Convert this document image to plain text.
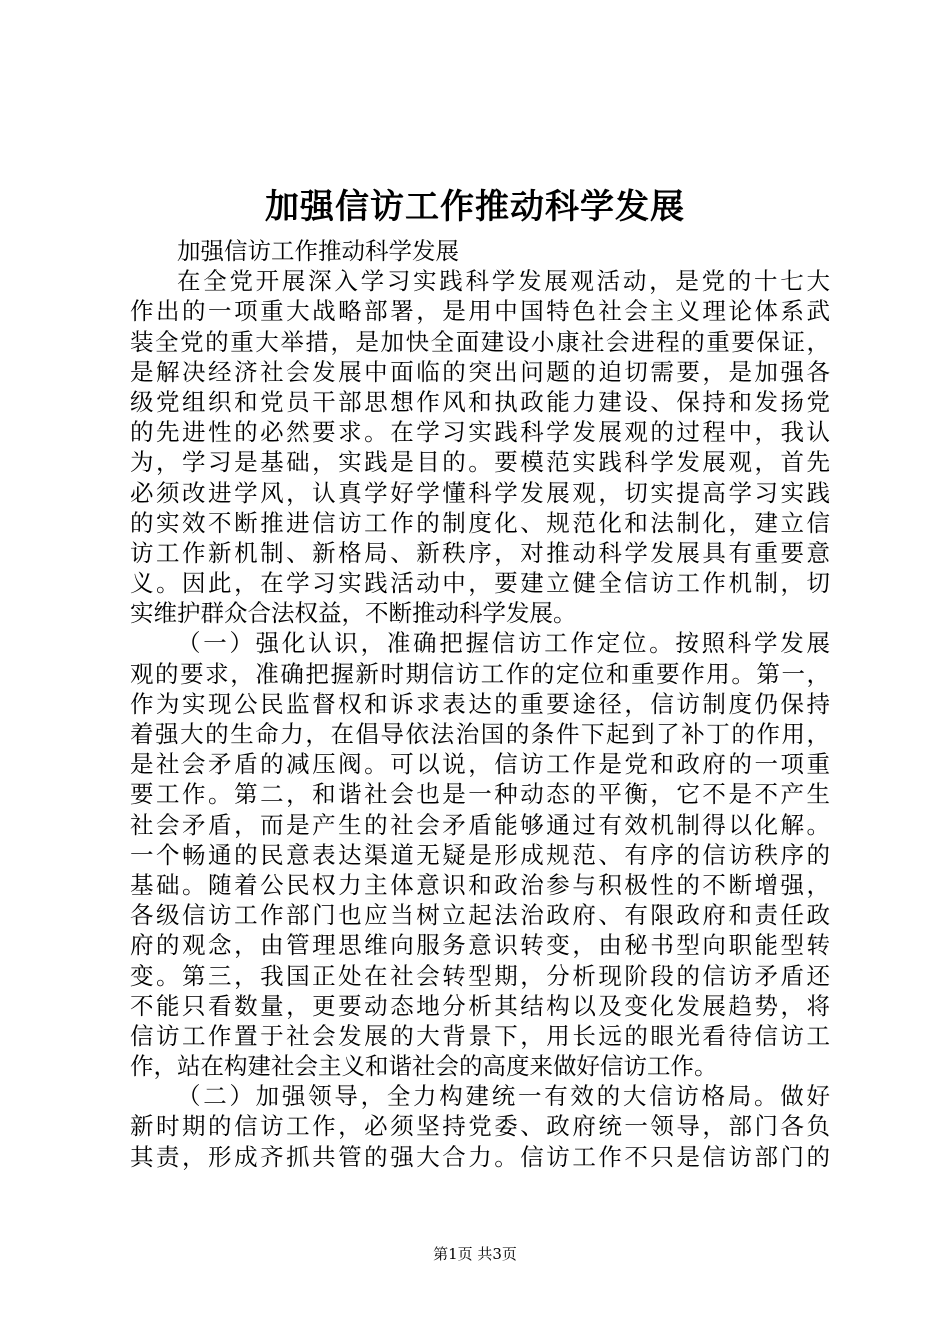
加强信访工作推动科学发展
加强信访工作推动科学发展
在全党开展深入学习实践科学发展观活动，是党的十七大
作出的一项重大战略部署，是用中国特色社会主义理论体系武
装全党的重大举措，是加快全面建设小康社会进程的重要保证，
是解决经济社会发展中面临的突出问题的迫切需要，是加强各
级党组织和党员干部思想作风和执政能力建设、保持和发扬党
的先进性的必然要求。在学习实践科学发展观的过程中，我认
为，学习是基础，实践是目的。要模范实践科学发展观，首先
必须改进学风，认真学好学懂科学发展观，切实提高学习实践
的实效不断推进信访工作的制度化、规范化和法制化，建立信
访工作新机制、新格局、新秩序，对推动科学发展具有重要意
义。因此，在学习实践活动中，要建立健全信访工作机制，切
实维护群众合法权益，不断推动科学发展。
（一）强化认识，准确把握信访工作定位。按照科学发展
观的要求，准确把握新时期信访工作的定位和重要作用。第一，
作为实现公民监督权和诉求表达的重要途径，信访制度仍保持
着强大的生命力，在倡导依法治国的条件下起到了补丁的作用，
是社会矛盾的减压阀。可以说，信访工作是党和政府的一项重
要工作。第二，和谐社会也是一种动态的平衡，它不是不产生
社会矛盾，而是产生的社会矛盾能够通过有效机制得以化解。
一个畅通的民意表达渠道无疑是形成规范、有序的信访秩序的
基础。随着公民权力主体意识和政治参与积极性的不断增强，
各级信访工作部门也应当树立起法治政府、有限政府和责任政
府的观念，由管理思维向服务意识转变，由秘书型向职能型转
变。第三，我国正处在社会转型期，分析现阶段的信访矛盾还
不能只看数量，更要动态地分析其结构以及变化发展趋势，将
信访工作置于社会发展的大背景下，用长远的眼光看待信访工
作，站在构建社会主义和谐社会的高度来做好信访工作。
（二）加强领导，全力构建统一有效的大信访格局。做好
新时期的信访工作，必须坚持党委、政府统一领导，部门各负
其责，形成齐抓共管的强大合力。信访工作不只是信访部门的
第1页 共3页
